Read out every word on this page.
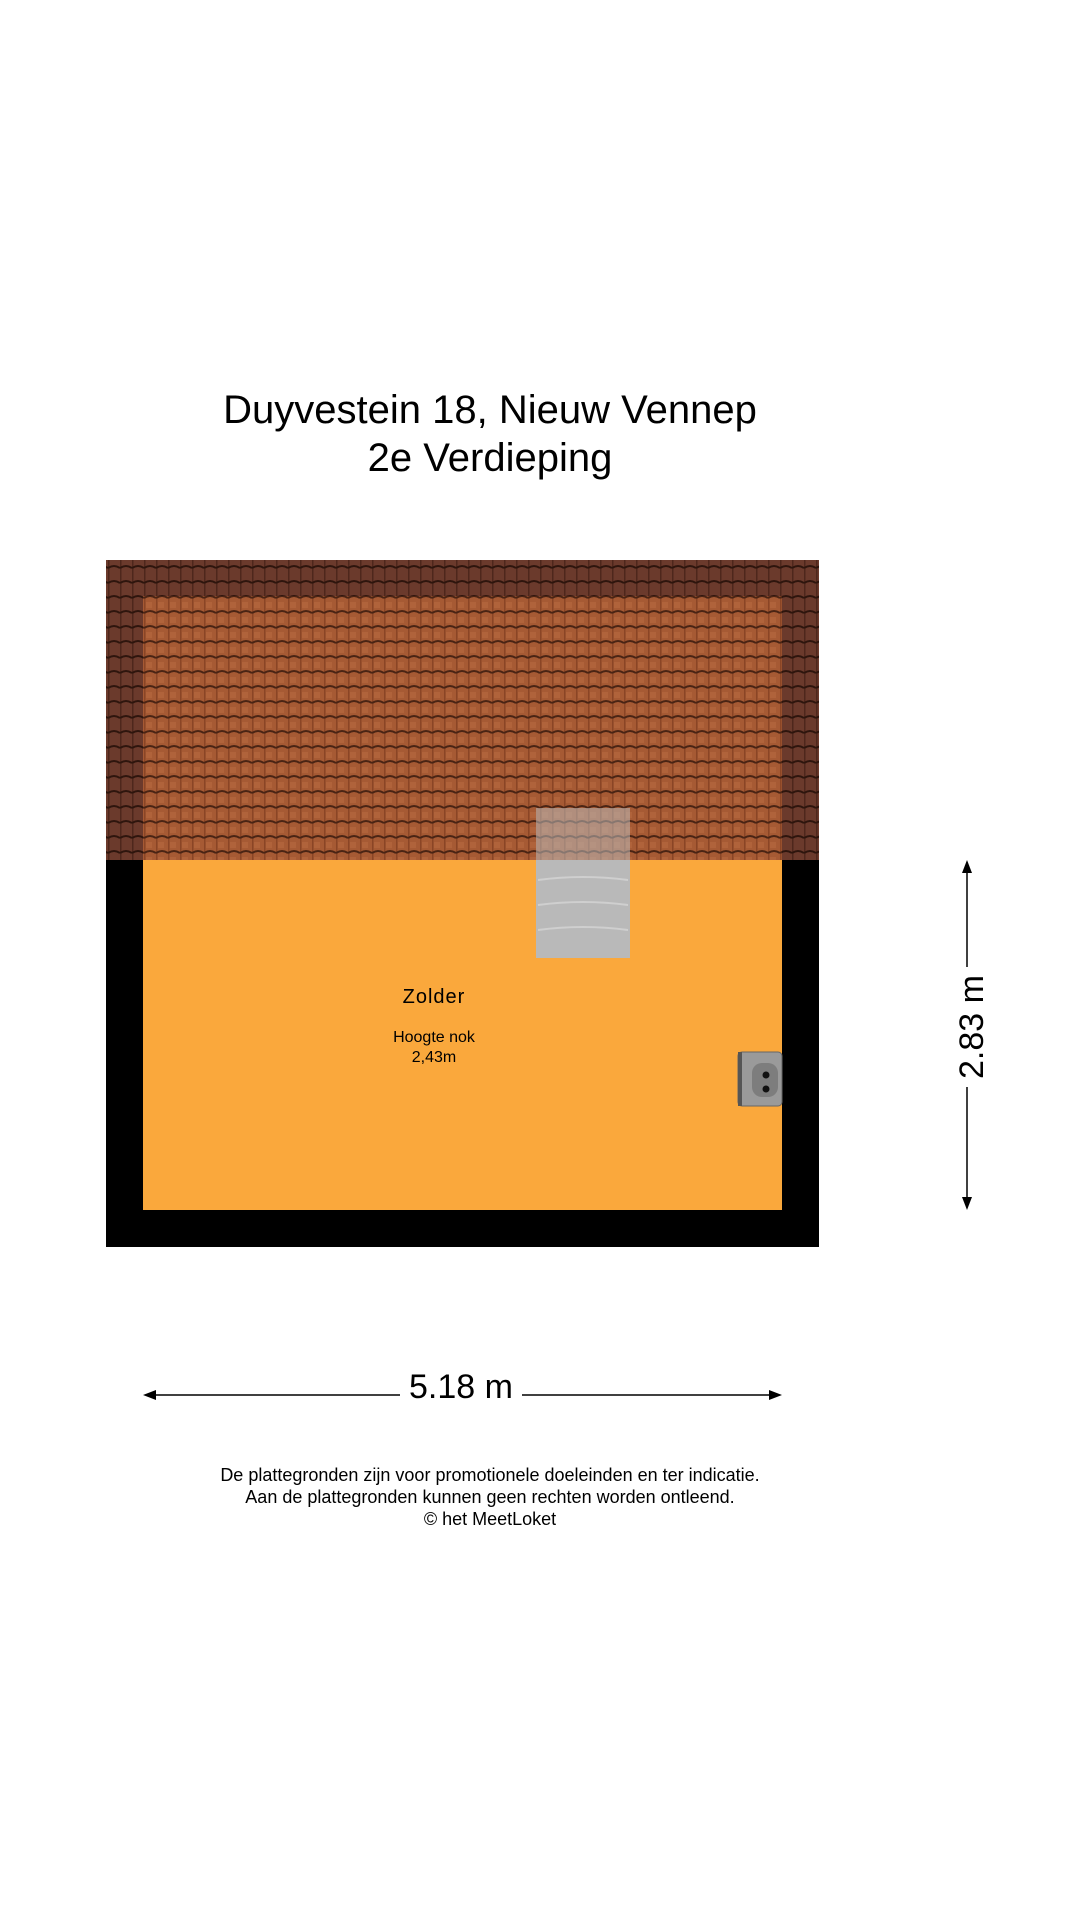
Duyvestein 18, Nieuw Vennep
2e Verdieping
Zolder
Hoogte nok
2,43m
5.18 m
2.83 m
De plattegronden zijn voor promotionele doeleinden en ter indicatie.
Aan de plattegronden kunnen geen rechten worden ontleend.
© het MeetLoket
